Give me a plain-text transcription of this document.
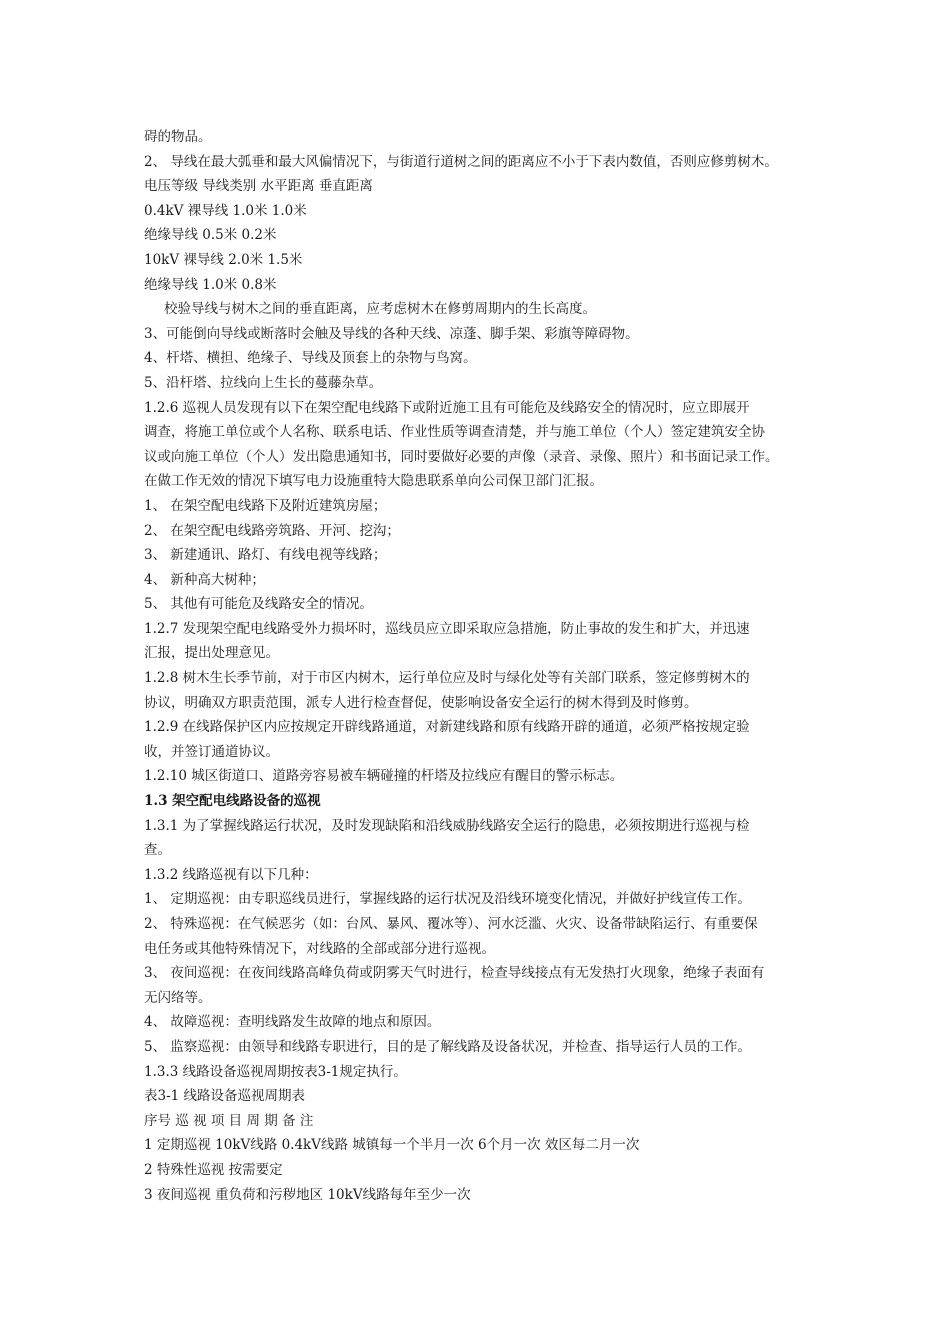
碍的物品。
2、 导线在最大弧垂和最大风偏情况下，与街道行道树之间的距离应不小于下表内数值，否则应修剪树木。
电压等级 导线类别 水平距离 垂直距离
0.4kV 裸导线 1.0米 1.0米
绝缘导线 0.5米 0.2米
10kV 裸导线 2.0米 1.5米
绝缘导线 1.0米 0.8米
校验导线与树木之间的垂直距离，应考虑树木在修剪周期内的生长高度。
3、可能倒向导线或断落时会触及导线的各种天线、凉蓬、脚手架、彩旗等障碍物。
4、杆塔、横担、绝缘子、导线及顶套上的杂物与鸟窝。
5、沿杆塔、拉线向上生长的蔓藤杂草。
1.2.6 巡视人员发现有以下在架空配电线路下或附近施工且有可能危及线路安全的情况时，应立即展开
调查，将施工单位或个人名称、联系电话、作业性质等调查清楚，并与施工单位（个人）签定建筑安全协
议或向施工单位（个人）发出隐患通知书，同时要做好必要的声像（录音、录像、照片）和书面记录工作。
在做工作无效的情况下填写电力设施重特大隐患联系单向公司保卫部门汇报。
1、 在架空配电线路下及附近建筑房屋；
2、 在架空配电线路旁筑路、开河、挖沟；
3、 新建通讯、路灯、有线电视等线路；
4、 新种高大树种；
5、 其他有可能危及线路安全的情况。
1.2.7 发现架空配电线路受外力损坏时，巡线员应立即采取应急措施，防止事故的发生和扩大，并迅速
汇报，提出处理意见。
1.2.8 树木生长季节前，对于市区内树木，运行单位应及时与绿化处等有关部门联系，签定修剪树木的
协议，明确双方职责范围，派专人进行检查督促，使影响设备安全运行的树木得到及时修剪。
1.2.9 在线路保护区内应按规定开辟线路通道，对新建线路和原有线路开辟的通道，必须严格按规定验
收，并签订通道协议。
1.2.10 城区街道口、道路旁容易被车辆碰撞的杆塔及拉线应有醒目的警示标志。
1.3 架空配电线路设备的巡视
1.3.1 为了掌握线路运行状况，及时发现缺陷和沿线威胁线路安全运行的隐患，必须按期进行巡视与检
查。
1.3.2 线路巡视有以下几种：
1、 定期巡视：由专职巡线员进行，掌握线路的运行状况及沿线环境变化情况，并做好护线宣传工作。
2、 特殊巡视：在气候恶劣（如：台风、暴风、覆冰等）、河水泛滥、火灾、设备带缺陷运行、有重要保
电任务或其他特殊情况下，对线路的全部或部分进行巡视。
3、 夜间巡视：在夜间线路高峰负荷或阴雾天气时进行，检查导线接点有无发热打火现象，绝缘子表面有
无闪络等。
4、 故障巡视：查明线路发生故障的地点和原因。
5、 监察巡视：由领导和线路专职进行，目的是了解线路及设备状况，并检查、指导运行人员的工作。
1.3.3 线路设备巡视周期按表3-1规定执行。
表3-1 线路设备巡视周期表
序号 巡 视 项 目 周 期 备 注
1 定期巡视 10kV线路 0.4kV线路 城镇每一个半月一次 6个月一次 效区每二月一次
2 特殊性巡视 按需要定
3 夜间巡视 重负荷和污秽地区 10kV线路每年至少一次
